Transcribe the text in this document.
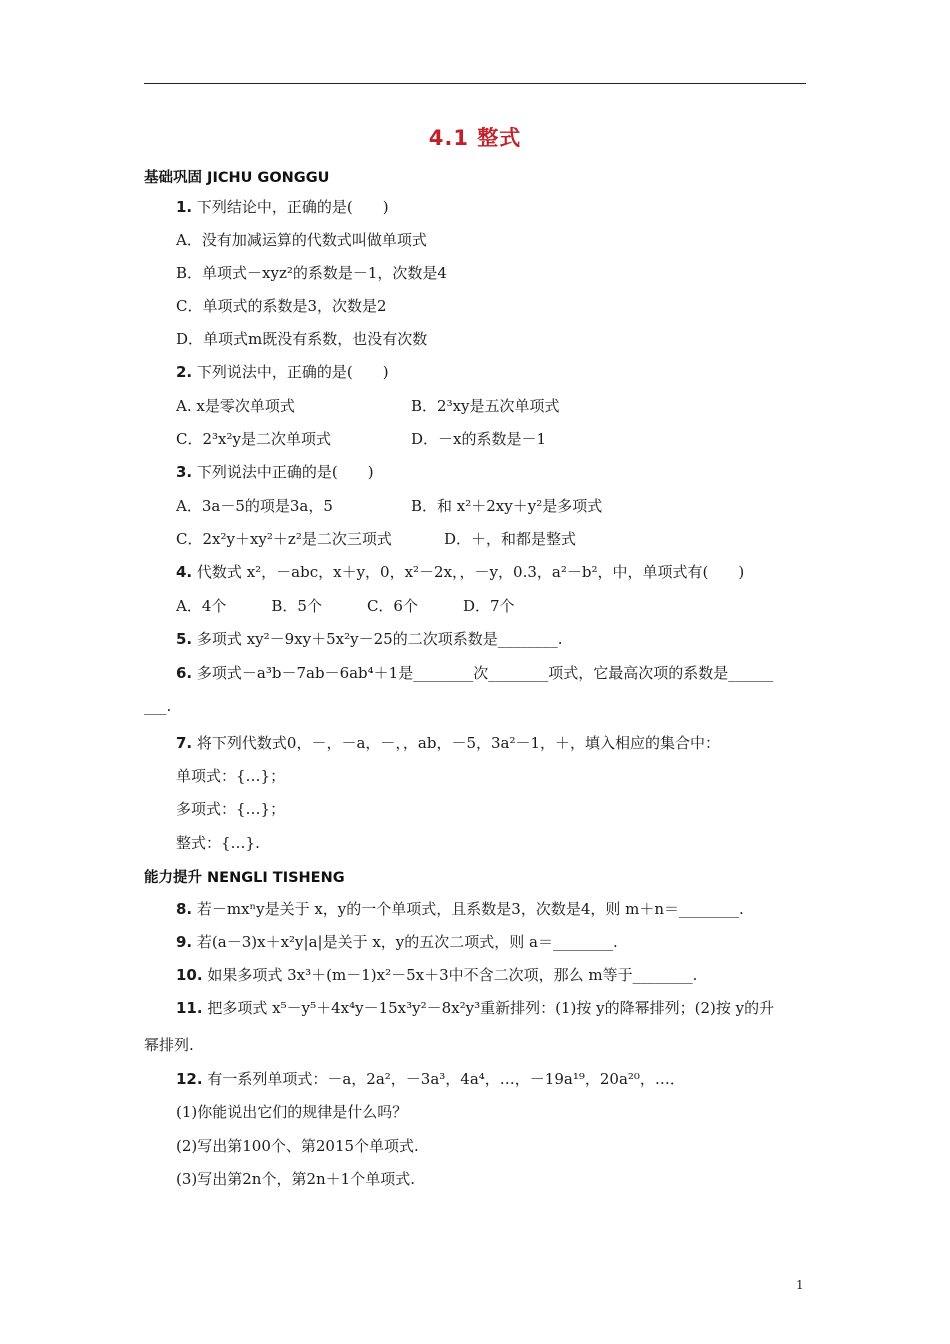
4.1 整式
基础巩固 JICHU GONGGU
1. 下列结论中，正确的是(　　)
A．没有加减运算的代数式叫做单项式
B．单项式－xyz²的系数是－1，次数是4
C．单项式的系数是3，次数是2
D．单项式m既没有系数，也没有次数
2. 下列说法中，正确的是(　　)
A. x是零次单项式	B．2³xy是五次单项式
C．2³x²y是二次单项式	D．－x的系数是－1
3. 下列说法中正确的是(　　)
A．3a－5的项是3a，5	B．和 x²＋2xy＋y²是多项式
C．2x²y＋xy²＋z²是二次三项式	D．＋，和都是整式
4. 代数式 x²，－abc，x＋y，0，x²－2x，，－y，0.3，a²－b²，中，单项式有(　　)
A．4个　　　B．5个　　　C．6个　　　D．7个
5. 多项式 xy²－9xy＋5x²y－25的二次项系数是________.
6. 多项式－a³b－7ab－6ab⁴＋1是________次________项式，它最高次项的系数是______
___.
7. 将下列代数式0，－，－a，－，，ab，－5，3a²－1，＋，填入相应的集合中：
单项式：{…}；
多项式：{…}；
整式：{…}.
能力提升 NENGLI TISHENG
8. 若－mxⁿy是关于 x，y的一个单项式，且系数是3，次数是4，则 m＋n＝________.
9. 若(a－3)x＋x²y|a|是关于 x，y的五次二项式，则 a＝________.
10. 如果多项式 3x³＋(m－1)x²－5x＋3中不含二次项，那么 m等于________.
11. 把多项式 x⁵－y⁵＋4x⁴y－15x³y²－8x²y³重新排列：(1)按 y的降幂排列；(2)按 y的升
幂排列.
12. 有一系列单项式：－a，2a²，－3a³，4a⁴，…，－19a¹⁹，20a²⁰，…．
(1)你能说出它们的规律是什么吗？
(2)写出第100个、第2015个单项式.
(3)写出第2n个，第2n＋1个单项式.
1
